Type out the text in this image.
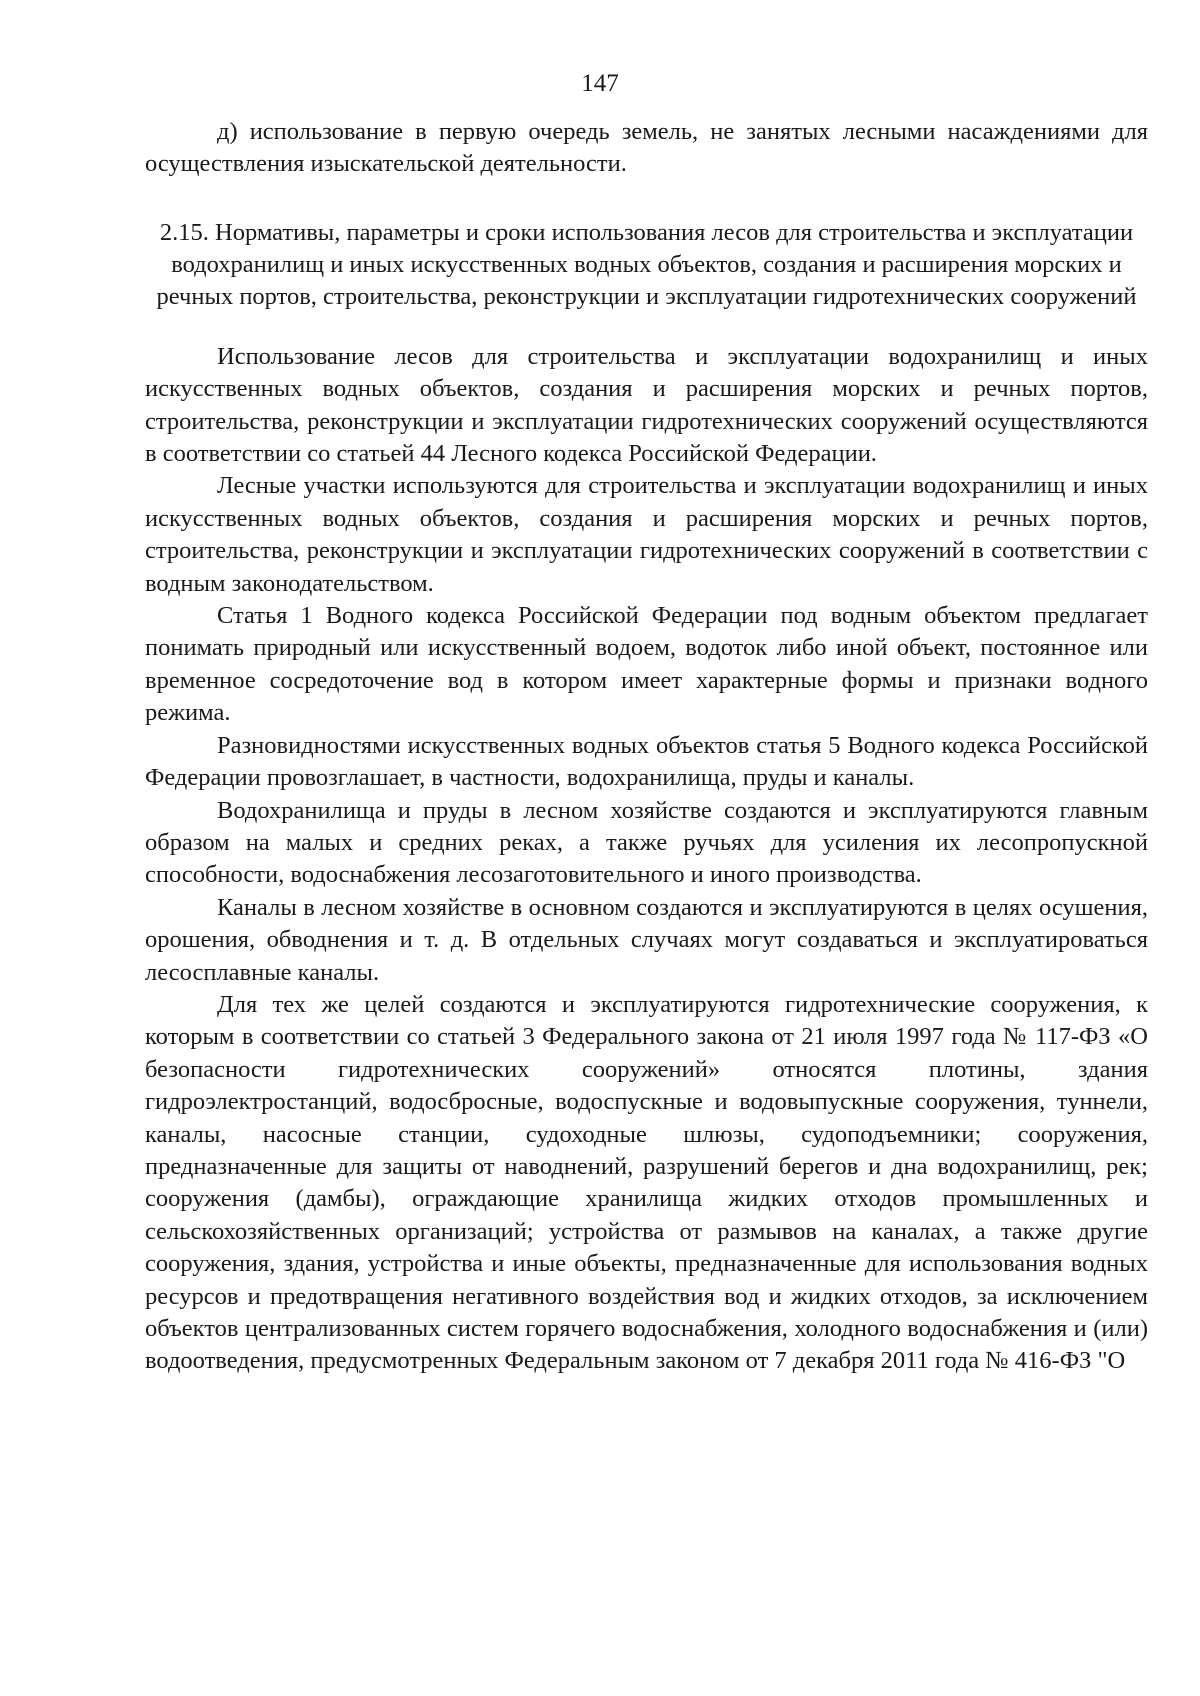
147

д) использование в первую очередь земель, не занятых лесными насаждениями для осуществления изыскательской деятельности.

2.15. Нормативы, параметры и сроки использования лесов для строительства и эксплуатации водохранилищ и иных искусственных водных объектов, создания и расширения морских и речных портов, строительства, реконструкции и эксплуатации гидротехнических сооружений

Использование лесов для строительства и эксплуатации водохранилищ и иных искусственных водных объектов, создания и расширения морских и речных портов, строительства, реконструкции и эксплуатации гидротехнических сооружений осуществляются в соответствии со статьей 44 Лесного кодекса Российской Федерации.

Лесные участки используются для строительства и эксплуатации водохранилищ и иных искусственных водных объектов, создания и расширения морских и речных портов, строительства, реконструкции и эксплуатации гидротехнических сооружений в соответствии с водным законодательством.

Статья 1 Водного кодекса Российской Федерации под водным объектом предлагает понимать природный или искусственный водоем, водоток либо иной объект, постоянное или временное сосредоточение вод в котором имеет характерные формы и признаки водного режима.

Разновидностями искусственных водных объектов статья 5 Водного кодекса Российской Федерации провозглашает, в частности, водохранилища, пруды и каналы.

Водохранилища и пруды в лесном хозяйстве создаются и эксплуатируются главным образом на малых и средних реках, а также ручьях для усиления их лесопропускной способности, водоснабжения лесозаготовительного и иного производства.

Каналы в лесном хозяйстве в основном создаются и эксплуатируются в целях осушения, орошения, обводнения и т. д. В отдельных случаях могут создаваться и эксплуатироваться лесосплавные каналы.

Для тех же целей создаются и эксплуатируются гидротехнические сооружения, к которым в соответствии со статьей 3 Федерального закона от 21 июля 1997 года № 117-ФЗ «О безопасности гидротехнических сооружений» относятся плотины, здания гидроэлектростанций, водосбросные, водоспускные и водовыпускные сооружения, туннели, каналы, насосные станции, судоходные шлюзы, судоподъемники; сооружения, предназначенные для защиты от наводнений, разрушений берегов и дна водохранилищ, рек; сооружения (дамбы), ограждающие хранилища жидких отходов промышленных и сельскохозяйственных организаций; устройства от размывов на каналах, а также другие сооружения, здания, устройства и иные объекты, предназначенные для использования водных ресурсов и предотвращения негативного воздействия вод и жидких отходов, за исключением объектов централизованных систем горячего водоснабжения, холодного водоснабжения и (или) водоотведения, предусмотренных Федеральным законом от 7 декабря 2011 года № 416-ФЗ "О
